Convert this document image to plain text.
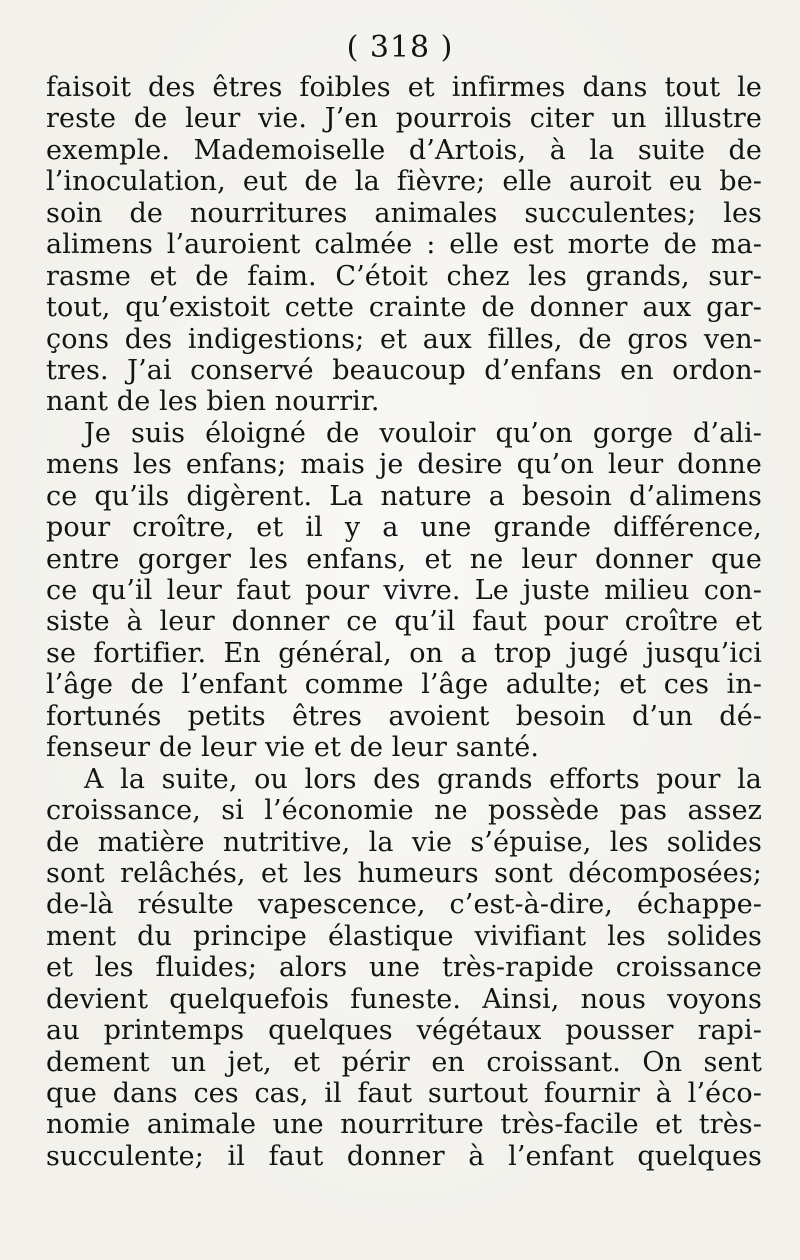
( 318 )
faisoit des êtres foibles et infirmes dans tout le
reste de leur vie. J’en pourrois citer un illustre
exemple. Mademoiselle d’Artois, à la suite de
l’inoculation, eut de la fièvre; elle auroit eu be-
soin de nourritures animales succulentes; les
alimens l’auroient calmée : elle est morte de ma-
rasme et de faim. C’étoit chez les grands, sur-
tout, qu’existoit cette crainte de donner aux gar-
çons des indigestions; et aux filles, de gros ven-
tres. J’ai conservé beaucoup d’enfans en ordon-
nant de les bien nourrir.
Je suis éloigné de vouloir qu’on gorge d’ali-
mens les enfans; mais je desire qu’on leur donne
ce qu’ils digèrent. La nature a besoin d’alimens
pour croître, et il y a une grande différence,
entre gorger les enfans, et ne leur donner que
ce qu’il leur faut pour vivre. Le juste milieu con-
siste à leur donner ce qu’il faut pour croître et
se fortifier. En général, on a trop jugé jusqu’ici
l’âge de l’enfant comme l’âge adulte; et ces in-
fortunés petits êtres avoient besoin d’un dé-
fenseur de leur vie et de leur santé.
A la suite, ou lors des grands efforts pour la
croissance, si l’économie ne possède pas assez
de matière nutritive, la vie s’épuise, les solides
sont relâchés, et les humeurs sont décomposées;
de-là résulte vapescence, c’est-à-dire, échappe-
ment du principe élastique vivifiant les solides
et les fluides; alors une très-rapide croissance
devient quelquefois funeste. Ainsi, nous voyons
au printemps quelques végétaux pousser rapi-
dement un jet, et périr en croissant. On sent
que dans ces cas, il faut surtout fournir à l’éco-
nomie animale une nourriture très-facile et très-
succulente; il faut donner à l’enfant quelques
